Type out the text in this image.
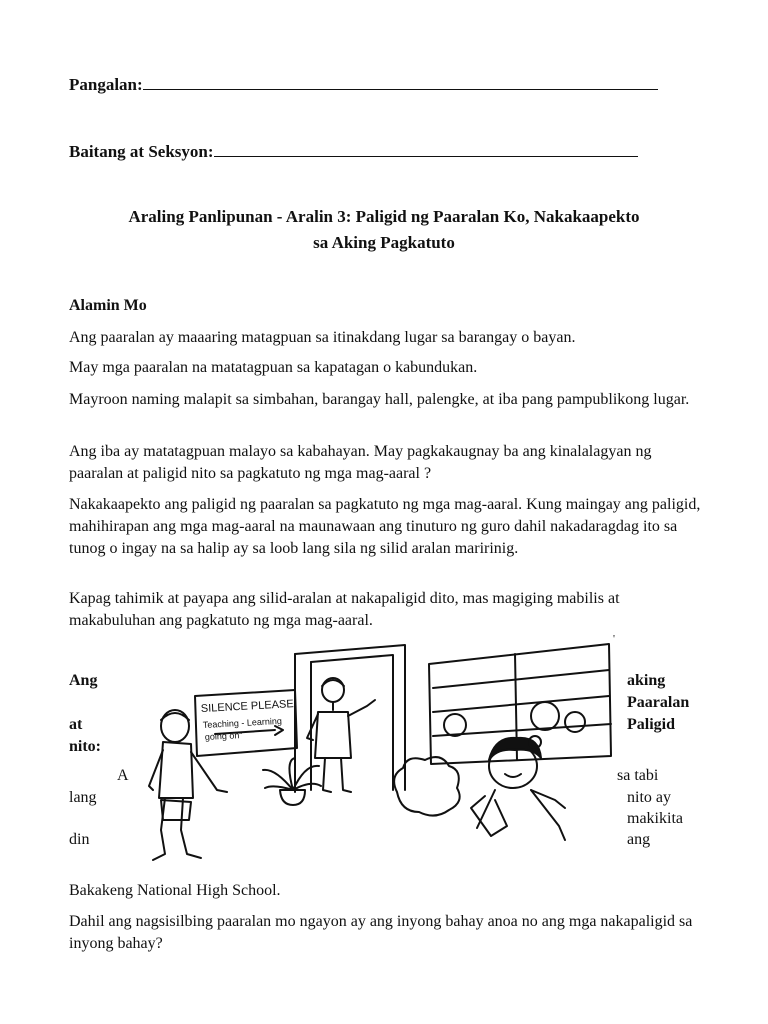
Pangalan:
Baitang at Seksyon:
Araling Panlipunan - Aralin 3: Paligid ng Paaralan Ko, Nakakaapekto
sa Aking Pagkatuto
Alamin Mo
Ang paaralan ay maaaring matagpuan sa itinakdang lugar sa barangay o bayan.
May mga paaralan na matatagpuan sa kapatagan o kabundukan.
Mayroon naming malapit sa simbahan, barangay hall, palengke, at iba pang pampublikong lugar.
Ang iba ay matatagpuan malayo sa kabahayan. May pagkakaugnay ba ang kinalalagyan ng paaralan at paligid nito sa pagkatuto ng mga mag-aaral ?
Nakakaapekto ang paligid ng paaralan sa pagkatuto ng mga mag-aaral. Kung maingay ang paligid, mahihirapan ang mga mag-aaral na maunawaan ang tinuturo ng guro dahil nakadaragdag ito sa tunog o ingay na sa halip ay sa loob lang sila ng silid aralan maririnig.
Kapag tahimik at payapa ang silid-aralan at nakapaligid dito, mas magiging mabilis at makabuluhan ang pagkatuto ng mga mag-aaral.
'
Ang
at
nito:
A
lang
din
aking
Paaralan
Paligid
sa tabi
nito ay
makikita
ang
SILENCE PLEASE
Teaching - Learning
going on"
Bakakeng National High School.
Dahil ang nagsisilbing paaralan mo ngayon ay ang inyong bahay anoa no ang mga nakapaligid sa inyong bahay?
